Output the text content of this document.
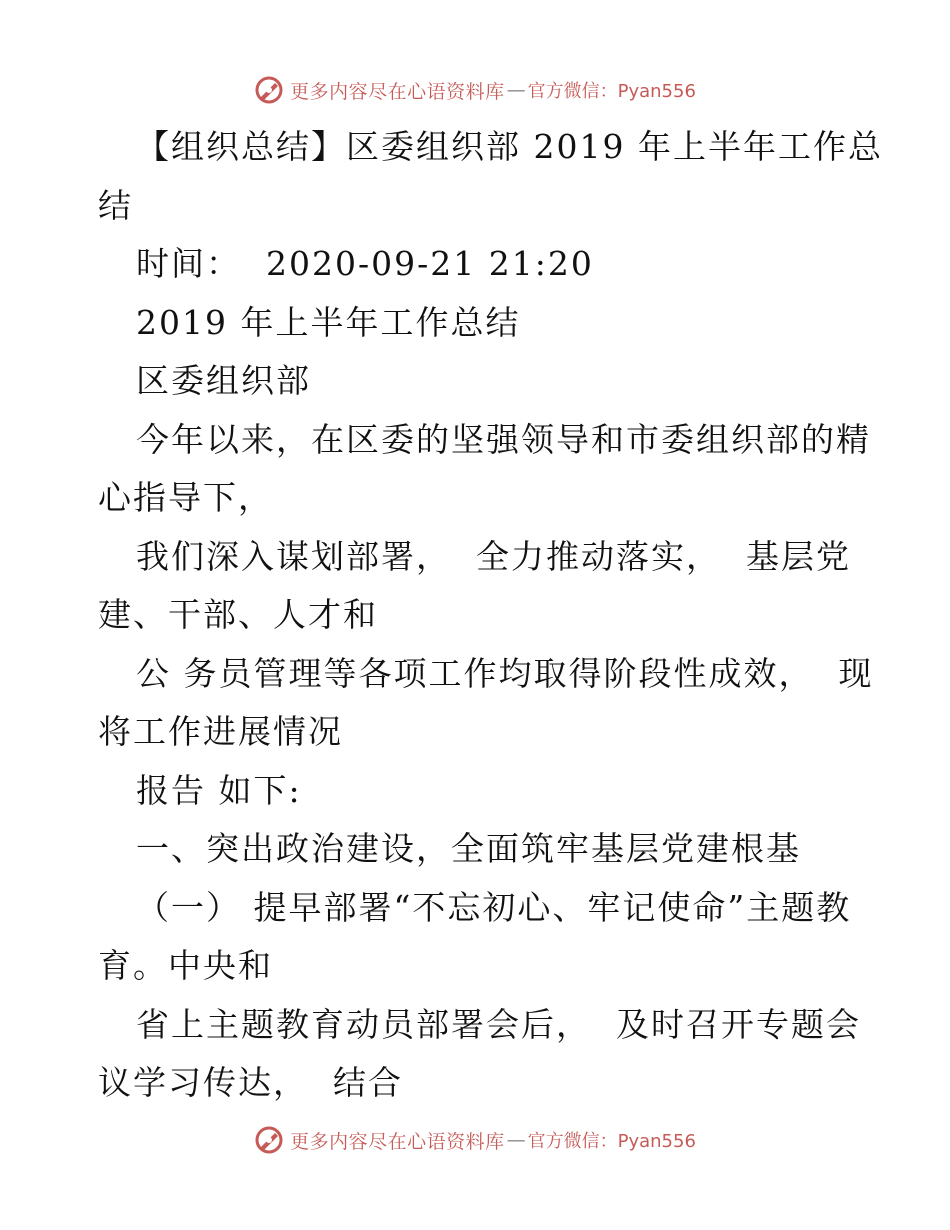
更多内容尽在心语资料库 — 官方微信：Pyan556
【组织总结】区委组织部 2019 年上半年工作总
结
时间：  2020-09-21 21:20
2019 年上半年工作总结
区委组织部
今年以来，在区委的坚强领导和市委组织部的精
心指导下，
我们深入谋划部署，  全力推动落实，  基层党
建、干部、人才和
公 务员管理等各项工作均取得阶段性成效，  现
将工作进展情况
报告 如下:
一、突出政治建设，全面筑牢基层党建根基
（一） 提早部署“不忘初心、牢记使命”主题教
育。中央和
省上主题教育动员部署会后，  及时召开专题会
议学习传达，  结合
更多内容尽在心语资料库 — 官方微信：Pyan556
